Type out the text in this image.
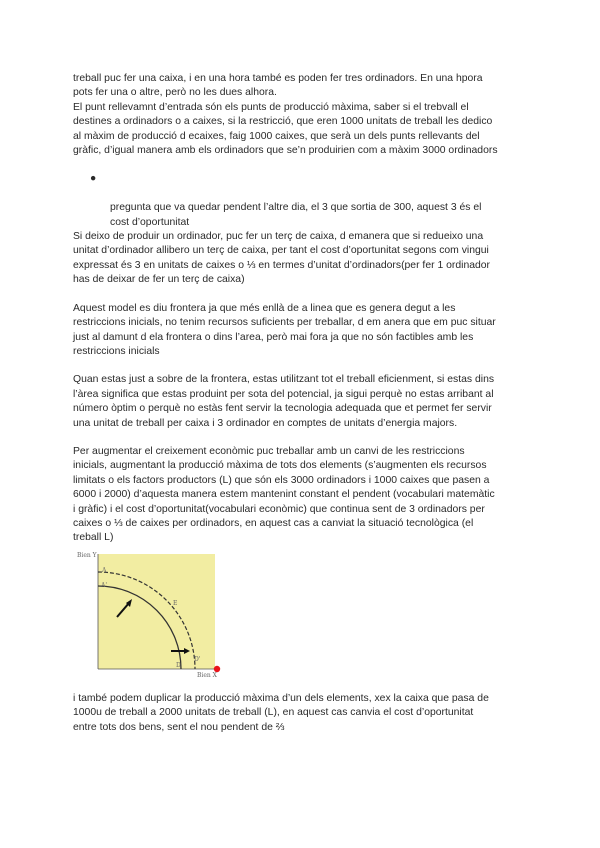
treball puc fer una caixa, i en una hora també es poden fer tres ordinadors. En una hpora
pots fer una o altre, però no les dues alhora.

El punt rellevamnt d’entrada són els punts de producció màxima, saber si el trebvall el
destines a ordinadors o a caixes, si la restricció, que eren 1000 unitats de treball les dedico
al màxim de producció d ecaixes, faig 1000 caixes, que serà un dels punts rellevants del
gràfic, d’igual manera amb els ordinadors que se’n produirien com a màxim 3000 ordinadors

●

pregunta que va quedar pendent l’altre dia, el 3 que sortia de 300, aquest 3 és el
cost d’oportunitat

Si deixo de produir un ordinador, puc fer un terç de caixa, d emanera que si redueixo una
unitat d’ordinador allibero un terç de caixa, per tant el cost d’oportunitat segons com vingui
expressat és 3 en unitats de caixes o ⅓ en termes d’unitat d’ordinadors(per fer 1 ordinador
has de deixar de fer un terç de caixa)

Aquest model es diu frontera ja que més enllà de a linea que es genera degut a les
restriccions inicials, no tenim recursos suficients per treballar, d em anera que em puc situar
just al damunt d ela frontera o dins l’area, però mai fora ja que no són factibles amb les
restriccions inicials

Quan estas just a sobre de la frontera, estas utilitzant tot el treball eficienment, si estas dins
l’àrea significa que estas produint per sota del potencial, ja sigui perquè no estas arribant al
número òptim o perquè no estàs fent servir la tecnologia adequada que et permet fer servir
una unitat de treball per caixa i 3 ordinador en comptes de unitats d’energia majors.

Per augmentar el creixement econòmic puc treballar amb un canvi de les restriccions
inicials, augmentant la producció màxima de tots dos elements (s’augmenten els recursos
limitats o els factors productors (L) que són els 3000 ordinadors i 1000 caixes que pasen a
6000 i 2000) d’aquesta manera estem mantenint constant el pendent (vocabulari matemàtic
i gràfic) i el cost d’oportunitat(vocabulari econòmic) que continua sent de 3 ordinadors per
caixes o ⅓ de caixes per ordinadors, en aquest cas a canviat la situació tecnològica (el
treball L)

Bien Y
A
A'
E
D
D'
Bien X

i també podem duplicar la producció màxima d’un dels elements, xex la caixa que pasa de
1000u de treball a 2000 unitats de treball (L), en aquest cas canvia el cost d’oportunitat
entre tots dos bens, sent el nou pendent de ⅔
